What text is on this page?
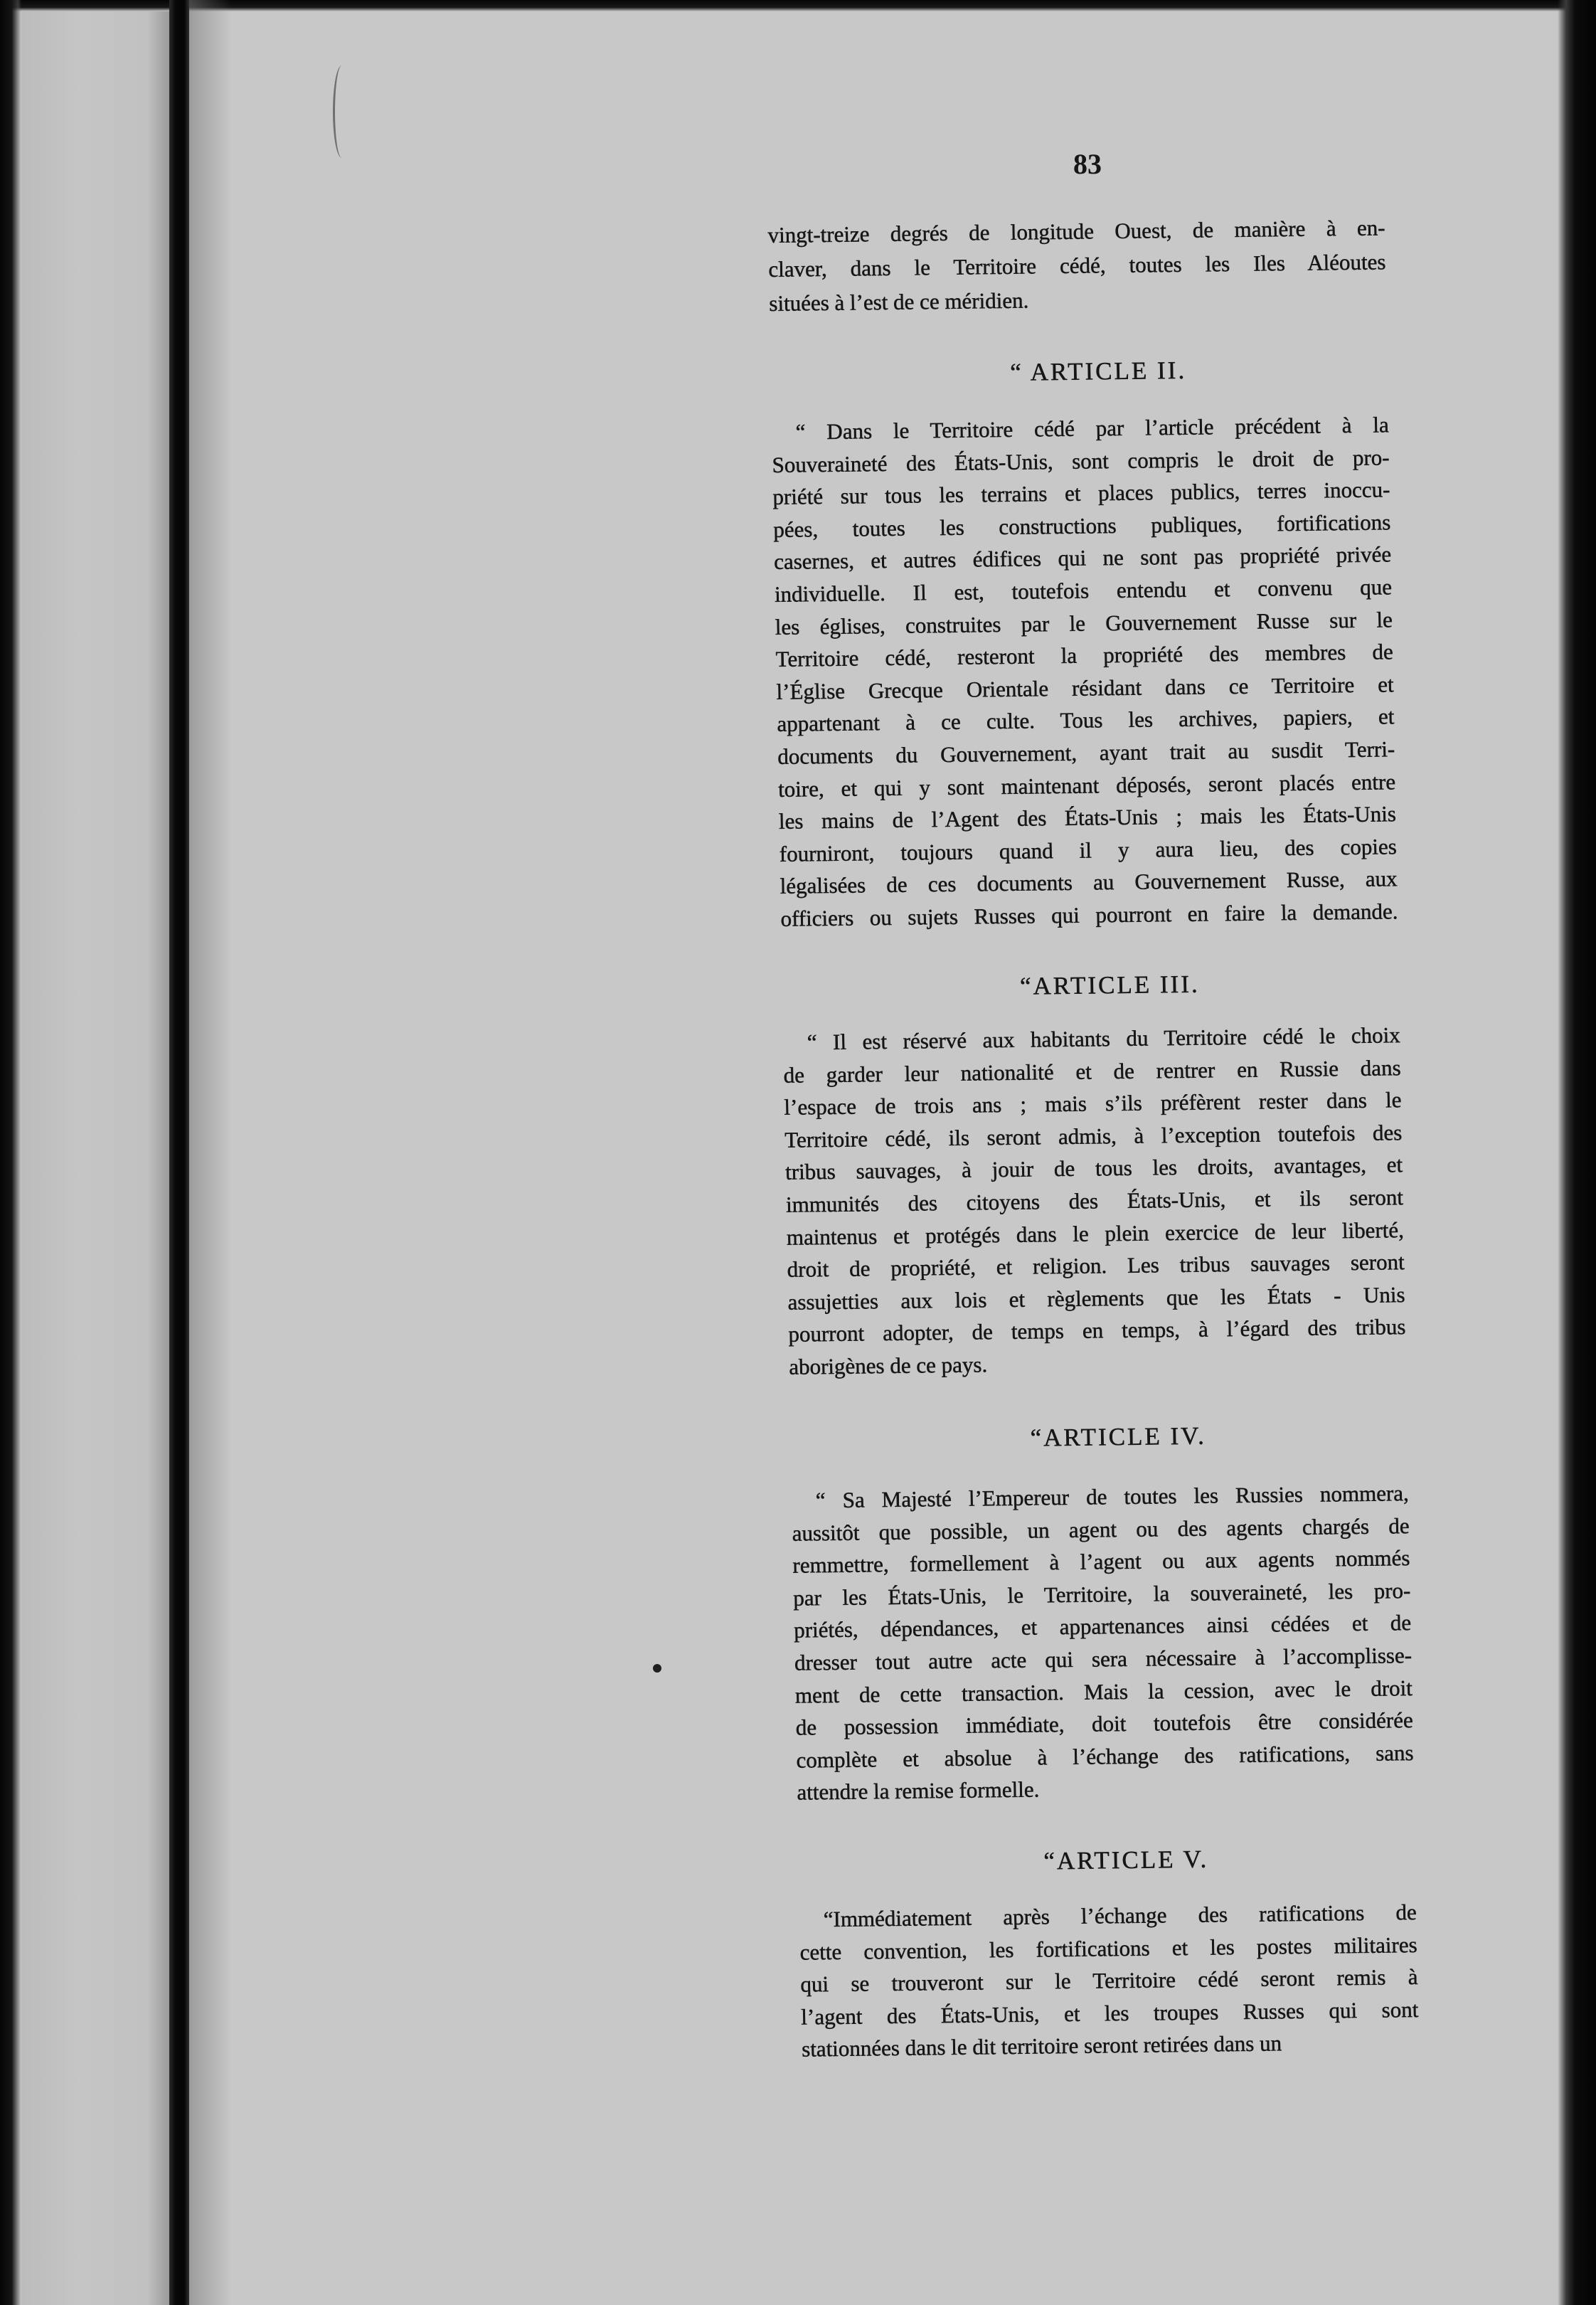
83
vingt-treize degrés de longitude Ouest, de manière à en-
claver, dans le Territoire cédé, toutes les Iles Aléoutes
situées à l’est de ce méridien.
“ ARTICLE II.
“ Dans le Territoire cédé par l’article précédent à la
Souveraineté des États-Unis, sont compris le droit de pro-
priété sur tous les terrains et places publics, terres inoccu-
pées, toutes les constructions publiques, fortifications
casernes, et autres édifices qui ne sont pas propriété privée
individuelle. Il est, toutefois entendu et convenu que
les églises, construites par le Gouvernement Russe sur le
Territoire cédé, resteront la propriété des membres de
l’Église Grecque Orientale résidant dans ce Territoire et
appartenant à ce culte. Tous les archives, papiers, et
documents du Gouvernement, ayant trait au susdit Terri-
toire, et qui y sont maintenant déposés, seront placés entre
les mains de l’Agent des États-Unis ; mais les États-Unis
fourniront, toujours quand il y aura lieu, des copies
légalisées de ces documents au Gouvernement Russe, aux
officiers ou sujets Russes qui pourront en faire la demande.
“ARTICLE III.
“ Il est réservé aux habitants du Territoire cédé le choix
de garder leur nationalité et de rentrer en Russie dans
l’espace de trois ans ; mais s’ils préfèrent rester dans le
Territoire cédé, ils seront admis, à l’exception toutefois des
tribus sauvages, à jouir de tous les droits, avantages, et
immunités des citoyens des États-Unis, et ils seront
maintenus et protégés dans le plein exercice de leur liberté,
droit de propriété, et religion. Les tribus sauvages seront
assujetties aux lois et règlements que les États - Unis
pourront adopter, de temps en temps, à l’égard des tribus
aborigènes de ce pays.
“ARTICLE IV.
“ Sa Majesté l’Empereur de toutes les Russies nommera,
aussitôt que possible, un agent ou des agents chargés de
remmettre, formellement à l’agent ou aux agents nommés
par les États-Unis, le Territoire, la souveraineté, les pro-
priétés, dépendances, et appartenances ainsi cédées et de
dresser tout autre acte qui sera nécessaire à l’accomplisse-
ment de cette transaction. Mais la cession, avec le droit
de possession immédiate, doit toutefois être considérée
complète et absolue à l’échange des ratifications, sans
attendre la remise formelle.
“ARTICLE V.
“Immédiatement après l’échange des ratifications de
cette convention, les fortifications et les postes militaires
qui se trouveront sur le Territoire cédé seront remis à
l’agent des États-Unis, et les troupes Russes qui sont
stationnées dans le dit territoire seront retirées dans un
